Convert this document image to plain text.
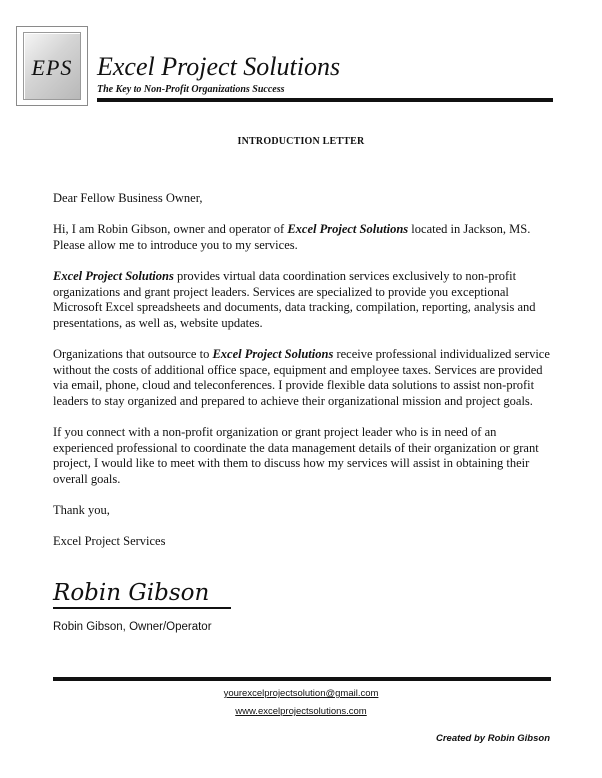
EPS Excel Project Solutions
The Key to Non-Profit Organizations Success
INTRODUCTION LETTER

Dear Fellow Business Owner,

Hi, I am Robin Gibson, owner and operator of Excel Project Solutions located in Jackson, MS. Please allow me to introduce you to my services.

Excel Project Solutions provides virtual data coordination services exclusively to non-profit organizations and grant project leaders. Services are specialized to provide you exceptional Microsoft Excel spreadsheets and documents, data tracking, compilation, reporting, analysis and presentations, as well as, website updates.

Organizations that outsource to Excel Project Solutions receive professional individualized service without the costs of additional office space, equipment and employee taxes. Services are provided via email, phone, cloud and teleconferences. I provide flexible data solutions to assist non-profit leaders to stay organized and prepared to achieve their organizational mission and project goals.

If you connect with a non-profit organization or grant project leader who is in need of an experienced professional to coordinate the data management details of their organization or grant project, I would like to meet with them to discuss how my services will assist in obtaining their overall goals.

Thank you,

Excel Project Services

Robin Gibson
Robin Gibson, Owner/Operator
yourexcelprojectsolution@gmail.com
www.excelprojectsolutions.com
Created by Robin Gibson
